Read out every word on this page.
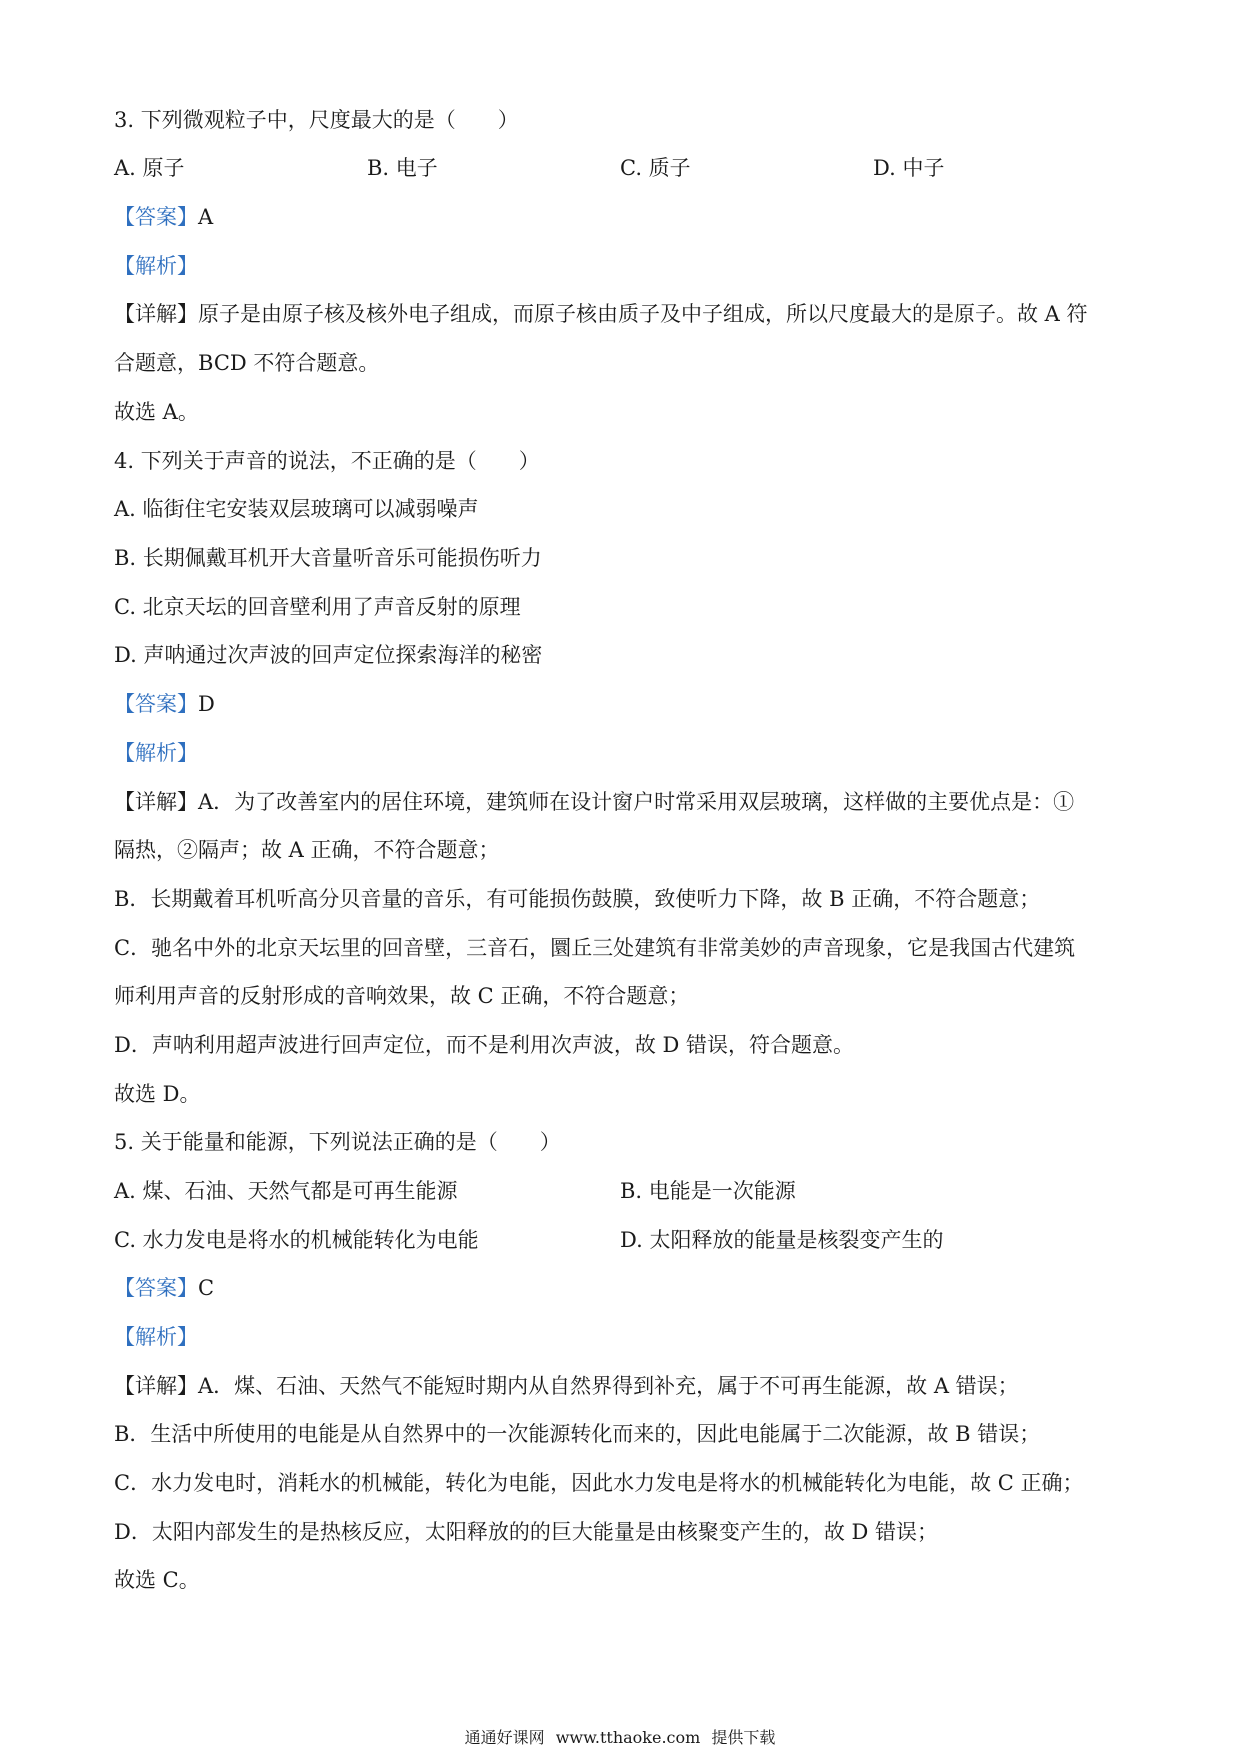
3. 下列微观粒子中，尺度最大的是（　　）
A. 原子	B. 电子	C. 质子	D. 中子
【答案】A
【解析】
【详解】原子是由原子核及核外电子组成，而原子核由质子及中子组成，所以尺度最大的是原子。故 A 符
合题意，BCD 不符合题意。
故选 A。
4. 下列关于声音的说法，不正确的是（　　）
A. 临街住宅安装双层玻璃可以减弱噪声
B. 长期佩戴耳机开大音量听音乐可能损伤听力
C. 北京天坛的回音壁利用了声音反射的原理
D. 声呐通过次声波的回声定位探索海洋的秘密
【答案】D
【解析】
【详解】A．为了改善室内的居住环境，建筑师在设计窗户时常采用双层玻璃，这样做的主要优点是：①
隔热，②隔声；故 A 正确，不符合题意；
B．长期戴着耳机听高分贝音量的音乐，有可能损伤鼓膜，致使听力下降，故 B 正确，不符合题意；
C．驰名中外的北京天坛里的回音壁，三音石，圜丘三处建筑有非常美妙的声音现象，它是我国古代建筑
师利用声音的反射形成的音响效果，故 C 正确，不符合题意；
D．声呐利用超声波进行回声定位，而不是利用次声波，故 D 错误，符合题意。
故选 D。
5. 关于能量和能源，下列说法正确的是（　　）
A. 煤、石油、天然气都是可再生能源	B. 电能是一次能源
C. 水力发电是将水的机械能转化为电能	D. 太阳释放的能量是核裂变产生的
【答案】C
【解析】
【详解】A．煤、石油、天然气不能短时期内从自然界得到补充，属于不可再生能源，故 A 错误；
B．生活中所使用的电能是从自然界中的一次能源转化而来的，因此电能属于二次能源，故 B 错误；
C．水力发电时，消耗水的机械能，转化为电能，因此水力发电是将水的机械能转化为电能，故 C 正确；
D．太阳内部发生的是热核反应，太阳释放的的巨大能量是由核聚变产生的，故 D 错误；
故选 C。
通通好课网 www.tthaoke.com 提供下载
